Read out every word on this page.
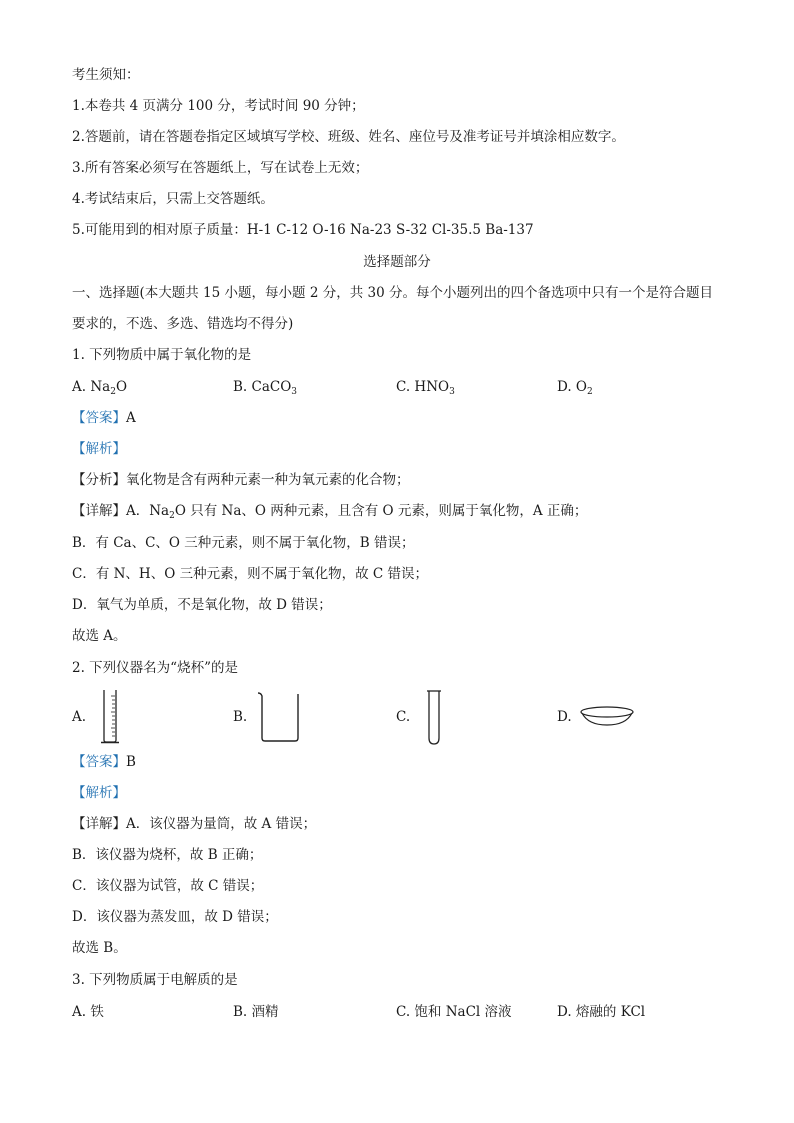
考生须知：
1.本卷共 4 页满分 100 分，考试时间 90 分钟；
2.答题前，请在答题卷指定区域填写学校、班级、姓名、座位号及准考证号并填涂相应数字。
3.所有答案必须写在答题纸上，写在试卷上无效；
4.考试结束后，只需上交答题纸。
5.可能用到的相对原子质量：H-1 C-12 O-16 Na-23 S-32 Cl-35.5 Ba-137
选择题部分
一、选择题(本大题共 15 小题，每小题 2 分，共 30 分。每个小题列出的四个备选项中只有一个是符合题目
要求的，不选、多选、错选均不得分)
1. 下列物质中属于氧化物的是
A. $Na_2O$	B. CaCO$_3$	C. $HNO_3$	D. $O_2$
【答案】A
【解析】
【分析】氧化物是含有两种元素一种为氧元素的化合物；
【详解】A．$Na_2O$ 只有 Na、O 两种元素，且含有 O 元素，则属于氧化物，A 正确；
B．有 Ca、C、O 三种元素，则不属于氧化物，B 错误；
C．有 N、H、O 三种元素，则不属于氧化物，故 C 错误；
D．氧气为单质，不是氧化物，故 D 错误；
故选 A。
2. 下列仪器名为“烧杯”的是
A.	B.	C.	D.
【答案】B
【解析】
【详解】A．该仪器为量筒，故 A 错误；
B．该仪器为烧杯，故 B 正确；
C．该仪器为试管，故 C 错误；
D．该仪器为蒸发皿，故 D 错误；
故选 B。
3. 下列物质属于电解质的是
A. 铁	B. 酒精	C. 饱和 NaCl 溶液	D. 熔融的 KCl
